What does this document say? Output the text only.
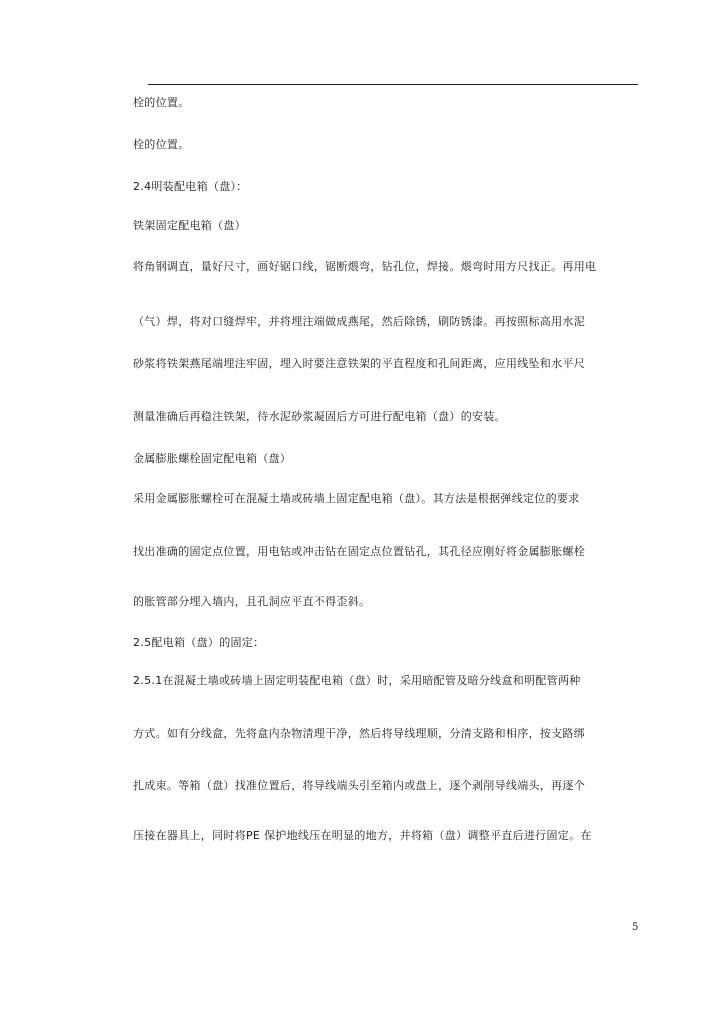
栓的位置。
栓的位置。
2.4明装配电箱（盘）：
铁架固定配电箱（盘）
将角钢调直，量好尺寸，画好锯口线，锯断煨弯，钻孔位，焊接。煨弯时用方尺找正。再用电
（气）焊，将对口缝焊牢，并将埋注端做成燕尾，然后除锈，刷防锈漆。再按照标高用水泥
砂浆将铁架燕尾端埋注牢固，埋入时要注意铁架的平直程度和孔间距离，应用线坠和水平尺
测量准确后再稳注铁架，待水泥砂浆凝固后方可进行配电箱（盘）的安装。
金属膨胀螺栓固定配电箱（盘）
采用金属膨胀螺栓可在混凝土墙或砖墙上固定配电箱（盘）。其方法是根据弹线定位的要求
找出准确的固定点位置，用电钻或冲击钻在固定点位置钻孔，其孔径应刚好将金属膨胀螺栓
的胀管部分埋入墙内，且孔洞应平直不得歪斜。
2.5配电箱（盘）的固定：
2.5.1在混凝土墙或砖墙上固定明装配电箱（盘）时，采用暗配管及暗分线盒和明配管两种
方式。如有分线盒，先将盒内杂物清理干净，然后将导线理顺，分清支路和相序，按支路绑
扎成束。等箱（盘）找准位置后，将导线端头引至箱内或盘上，逐个剥削导线端头，再逐个
压接在器具上，同时将PE 保护地线压在明显的地方，并将箱（盘）调整平直后进行固定。在
5
